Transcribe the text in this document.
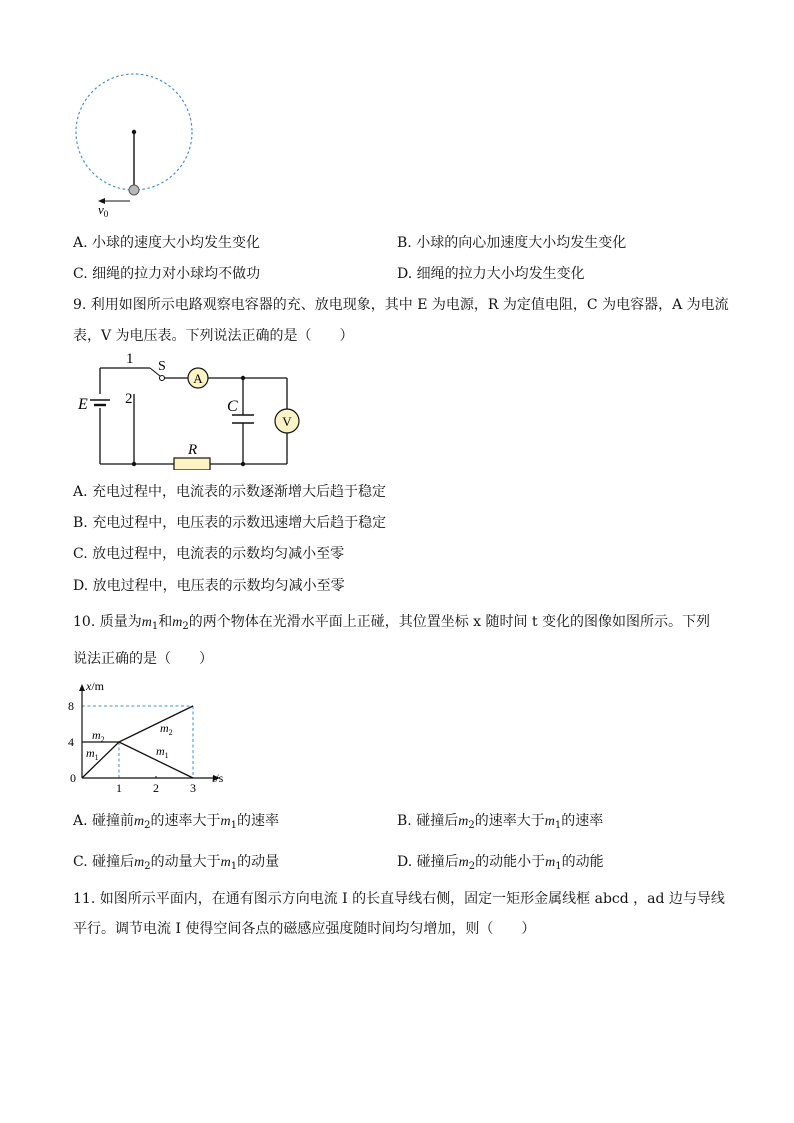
$v_0$
A. 小球的速度大小均发生变化	B. 小球的向心加速度大小均发生变化
C. 细绳的拉力对小球均不做功	D. 细绳的拉力大小均发生变化
9. 利用如图所示电路观察电容器的充、放电现象，其中 E 为电源，R 为定值电阻，C 为电容器，A 为电流
表，V 为电压表。下列说法正确的是（　　）
A
V
1
2
S
E	C
R
A. 充电过程中，电流表的示数逐渐增大后趋于稳定
B. 充电过程中，电压表的示数迅速增大后趋于稳定
C. 放电过程中，电流表的示数均匀减小至零
D. 放电过程中，电压表的示数均匀减小至零
10. 质量为$m_1$和$m_2$的两个物体在光滑水平面上正碰，其位置坐标 x 随时间 t 变化的图像如图所示。下列
说法正确的是（　　）
x/m
t/s
8
4
0
1	2	3
$m_2$
$m_1$
$m_2$
$m_1$
A. 碰撞前$m_2$的速率大于$m_1$的速率	B. 碰撞后$m_2$的速率大于$m_1$的速率
C. 碰撞后$m_2$的动量大于$m_1$的动量	D. 碰撞后$m_2$的动能小于$m_1$的动能
11. 如图所示平面内，在通有图示方向电流 I 的长直导线右侧，固定一矩形金属线框 abcd ，ad 边与导线
平行。调节电流 I 使得空间各点的磁感应强度随时间均匀增加，则（　　）
